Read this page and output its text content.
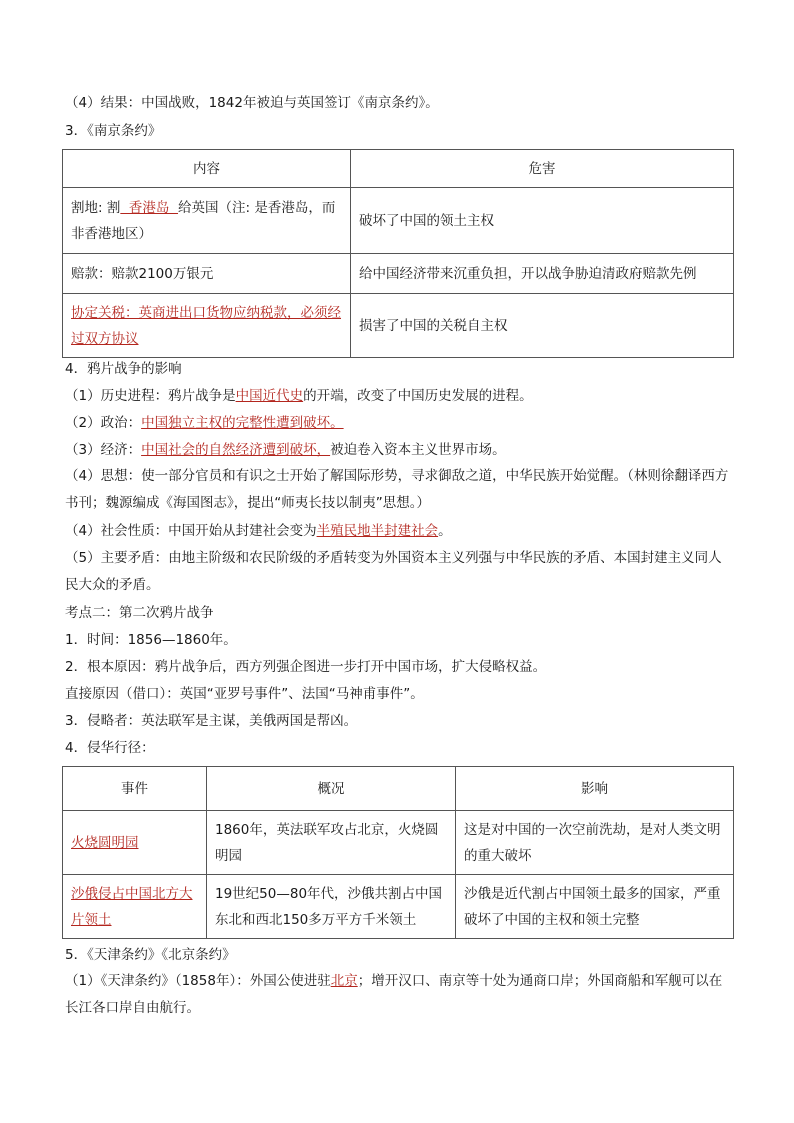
（4）结果：中国战败，1842年被迫与英国签订《南京条约》。
3．《南京条约》
内容	危害
割地: 割  香港岛  给英国（注: 是香港岛，而非香港地区）	破坏了中国的领土主权
赔款：赔款2100万银元	给中国经济带来沉重负担，开以战争胁迫清政府赔款先例
协定关税：英商进出口货物应纳税款，必须经过双方协议	损害了中国的关税自主权
4．鸦片战争的影响
（1）历史进程：鸦片战争是中国近代史的开端，改变了中国历史发展的进程。
（2）政治：中国独立主权的完整性遭到破坏。
（3）经济：中国社会的自然经济遭到破坏，被迫卷入资本主义世界市场。
（4）思想：使一部分官员和有识之士开始了解国际形势，寻求御敌之道，中华民族开始觉醒。（林则徐翻译西方书刊；魏源编成《海国图志》，提出“师夷长技以制夷”思想。）
（4）社会性质：中国开始从封建社会变为半殖民地半封建社会。
（5）主要矛盾：由地主阶级和农民阶级的矛盾转变为外国资本主义列强与中华民族的矛盾、本国封建主义同人民大众的矛盾。
考点二：第二次鸦片战争
1．时间：1856—1860年。
2．根本原因：鸦片战争后，西方列强企图进一步打开中国市场，扩大侵略权益。
直接原因（借口）：英国“亚罗号事件”、法国“马神甫事件”。
3．侵略者：英法联军是主谋，美俄两国是帮凶。
4．侵华行径：
事件	概况	影响
火烧圆明园	1860年，英法联军攻占北京，火烧圆明园	这是对中国的一次空前洗劫，是对人类文明的重大破坏
沙俄侵占中国北方大片领土	19世纪50—80年代，沙俄共割占中国东北和西北150多万平方千米领土	沙俄是近代割占中国领土最多的国家，严重破坏了中国的主权和领土完整
5．《天津条约》《北京条约》
（1）《天津条约》（1858年）：外国公使进驻北京；增开汉口、南京等十处为通商口岸；外国商船和军舰可以在长江各口岸自由航行。
